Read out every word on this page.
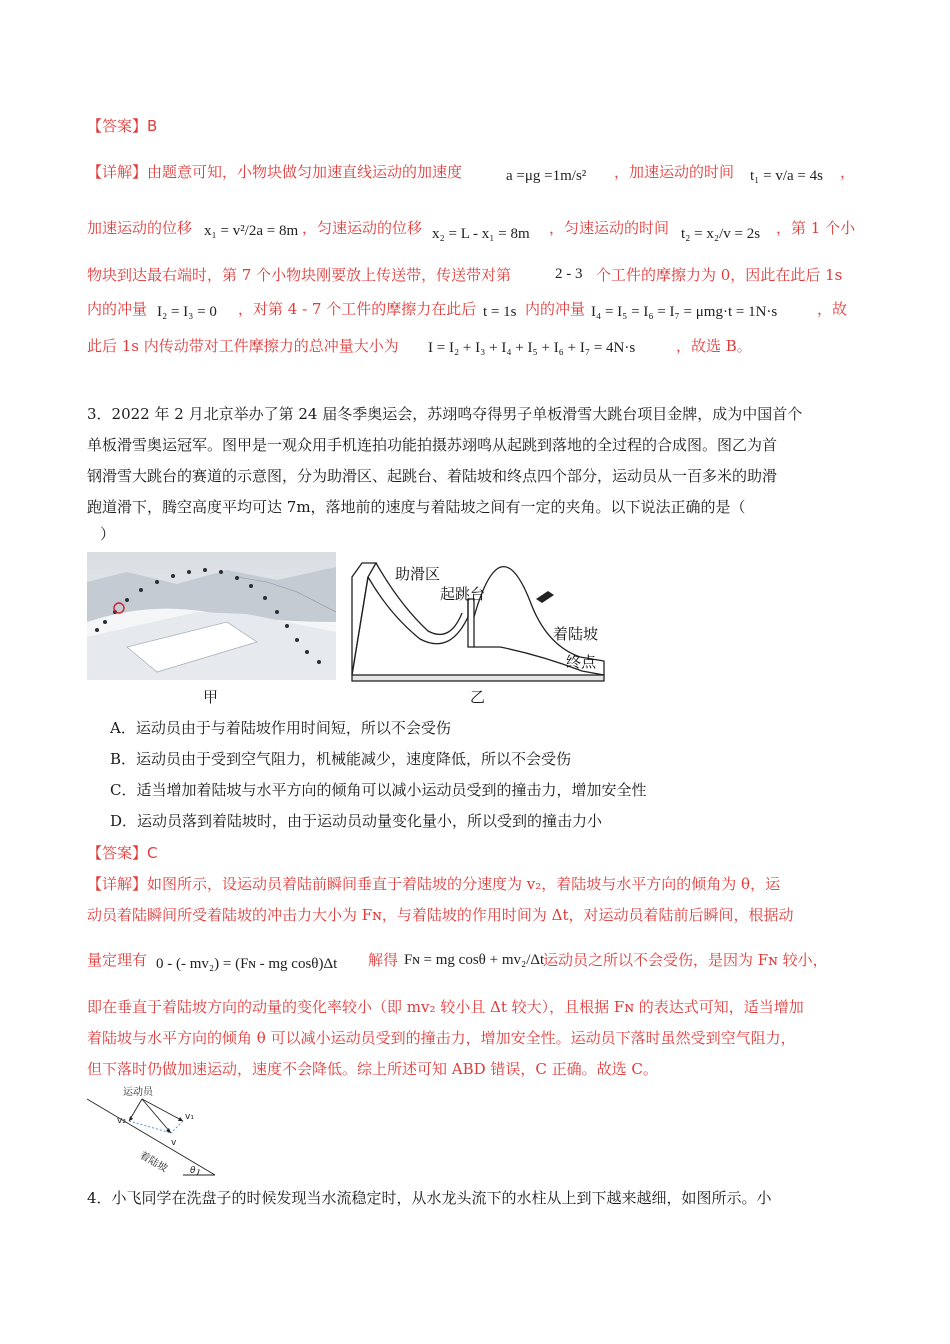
【答案】B
【详解】由题意可知，小物块做匀加速直线运动的加速度	a =μg =1m/s² ，加速运动的时间 t₁ = v/a = 4s ，
加速运动的位移 x₁ = v²/2a = 8m ，匀速运动的位移 x₂ = L - x₁ = 8m ，匀速运动的时间 t₂ = x₂/v = 2s ，第 1 个小
物块到达最右端时，第 7 个小物块刚要放上传送带，传送带对第	2 - 3 个工件的摩擦力为 0，因此在此后 1s
内的冲量 I₂ = I₃ = 0 ，对第 4 - 7 个工件的摩擦力在此后 t = 1s 内的冲量 I₄ = I₅ = I₆ = I₇ = μmg·t = 1N·s	，故
此后 1s 内传动带对工件摩擦力的总冲量大小为 I = I₂ + I₃ + I₄ + I₅ + I₆ + I₇ = 4N·s	，故选 B。
3．2022 年 2 月北京举办了第 24 届冬季奥运会，苏翊鸣夺得男子单板滑雪大跳台项目金牌，成为中国首个
单板滑雪奥运冠军。图甲是一观众用手机连拍功能拍摄苏翊鸣从起跳到落地的全过程的合成图。图乙为首
钢滑雪大跳台的赛道的示意图，分为助滑区、起跳台、着陆坡和终点四个部分，运动员从一百多米的助滑
跑道滑下，腾空高度平均可达 7m，落地前的速度与着陆坡之间有一定的夹角。以下说法正确的是（
）
甲
助滑区
起跳台
着陆坡
终点
乙
A．运动员由于与着陆坡作用时间短，所以不会受伤
B．运动员由于受到空气阻力，机械能减少，速度降低，所以不会受伤
C．适当增加着陆坡与水平方向的倾角可以减小运动员受到的撞击力，增加安全性
D．运动员落到着陆坡时，由于运动员动量变化量小，所以受到的撞击力小
【答案】C
【详解】如图所示，设运动员着陆前瞬间垂直于着陆坡的分速度为 v₂，着陆坡与水平方向的倾角为 θ，运
动员着陆瞬间所受着陆坡的冲击力大小为 Fɴ，与着陆坡的作用时间为 Δt，对运动员着陆前后瞬间，根据动
量定理有 0 - (- mv₂) = (Fɴ - mg cosθ)Δt 解得 Fɴ = mg cosθ + mv₂/Δt
运动员之所以不会受伤，是因为 Fɴ 较小，
即在垂直于着陆坡方向的动量的变化率较小（即 mv₂ 较小且 Δt 较大），且根据 Fɴ 的表达式可知，适当增加
着陆坡与水平方向的倾角 θ 可以减小运动员受到的撞击力，增加安全性。运动员下落时虽然受到空气阻力，
但下落时仍做加速运动，速度不会降低。综上所述可知 ABD 错误，C 正确。故选 C。
运动员
v₂	v₁
v
着陆坡 θ
4．小飞同学在洗盘子的时候发现当水流稳定时，从水龙头流下的水柱从上到下越来越细，如图所示。小
